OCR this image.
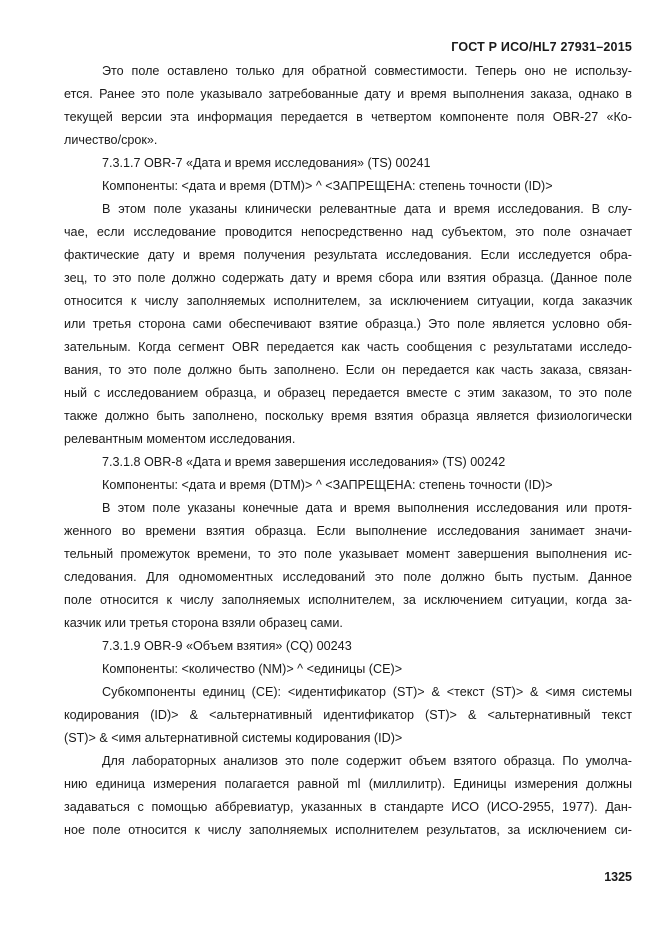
ГОСТ Р ИСО/HL7 27931–2015
Это поле оставлено только для обратной совместимости. Теперь оно не использу-
ется. Ранее это поле указывало затребованные дату и время выполнения заказа, однако в
текущей версии эта информация передается в четвертом компоненте поля OBR-27 «Ко-
личество/срок».
7.3.1.7 OBR-7 «Дата и время исследования» (TS) 00241
Компоненты: <дата и время (DTM)> ^ <ЗАПРЕЩЕНА: степень точности (ID)>
В этом поле указаны клинически релевантные дата и время исследования. В слу-
чае, если исследование проводится непосредственно над субъектом, это поле означает
фактические дату и время получения результата исследования. Если исследуется обра-
зец, то это поле должно содержать дату и время сбора или взятия образца. (Данное поле
относится к числу заполняемых исполнителем, за исключением ситуации, когда заказчик
или третья сторона сами обеспечивают взятие образца.) Это поле является условно обя-
зательным. Когда сегмент OBR передается как часть сообщения с результатами исследо-
вания, то это поле должно быть заполнено. Если он передается как часть заказа, связан-
ный с исследованием образца, и образец передается вместе с этим заказом, то это поле
также должно быть заполнено, поскольку время взятия образца является физиологически
релевантным моментом исследования.
7.3.1.8 OBR-8 «Дата и время завершения исследования» (TS) 00242
Компоненты: <дата и время (DTM)> ^ <ЗАПРЕЩЕНА: степень точности (ID)>
В этом поле указаны конечные дата и время выполнения исследования или протя-
женного во времени взятия образца. Если выполнение исследования занимает значи-
тельный промежуток времени, то это поле указывает момент завершения выполнения ис-
следования. Для одномоментных исследований это поле должно быть пустым. Данное
поле относится к числу заполняемых исполнителем, за исключением ситуации, когда за-
казчик или третья сторона взяли образец сами.
7.3.1.9 OBR-9 «Объем взятия» (CQ) 00243
Компоненты: <количество (NM)> ^ <единицы (CE)>
Субкомпоненты единиц (CE): <идентификатор (ST)> & <текст (ST)> & <имя системы
кодирования (ID)> & <альтернативный идентификатор (ST)> & <альтернативный текст
(ST)> & <имя альтернативной системы кодирования (ID)>
Для лабораторных анализов это поле содержит объем взятого образца. По умолча-
нию единица измерения полагается равной ml (миллилитр). Единицы измерения должны
задаваться с помощью аббревиатур, указанных в стандарте ИСО (ИСО-2955, 1977). Дан-
ное поле относится к числу заполняемых исполнителем результатов, за исключением си-
1325
